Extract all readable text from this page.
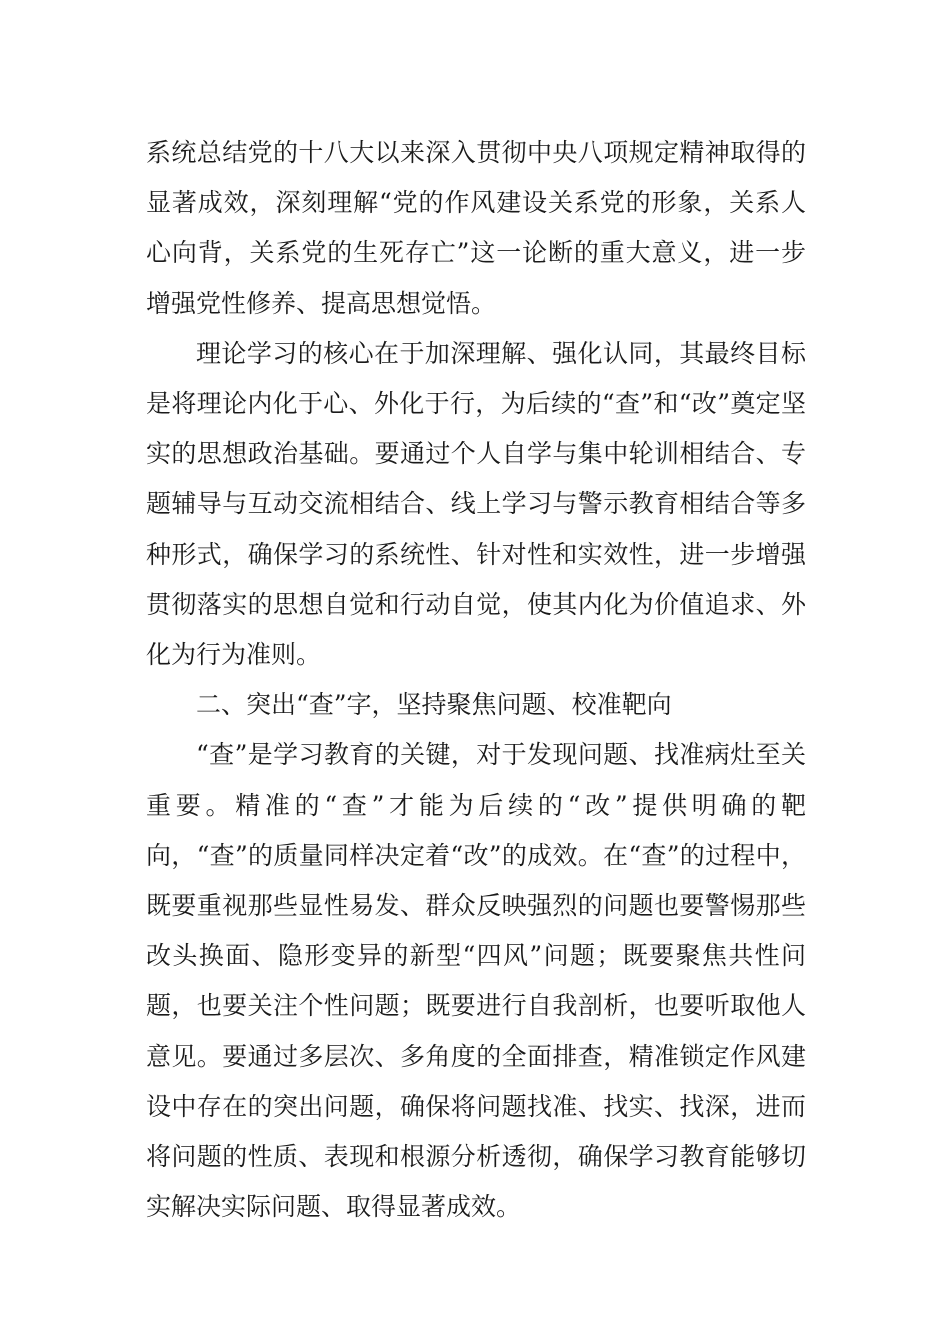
系统总结党的十八大以来深入贯彻中央八项规定精神取得的显著成效，深刻理解“党的作风建设关系党的形象，关系人心向背，关系党的生死存亡”这一论断的重大意义，进一步增强党性修养、提高思想觉悟。

理论学习的核心在于加深理解、强化认同，其最终目标是将理论内化于心、外化于行，为后续的“查”和“改”奠定坚实的思想政治基础。要通过个人自学与集中轮训相结合、专题辅导与互动交流相结合、线上学习与警示教育相结合等多种形式，确保学习的系统性、针对性和实效性，进一步增强贯彻落实的思想自觉和行动自觉，使其内化为价值追求、外化为行为准则。

二、突出“查”字，坚持聚焦问题、校准靶向

“查”是学习教育的关键，对于发现问题、找准病灶至关重要。精准的“查”才能为后续的“改”提供明确的靶向，“查”的质量同样决定着“改”的成效。在“查”的过程中，既要重视那些显性易发、群众反映强烈的问题也要警惕那些改头换面、隐形变异的新型“四风”问题；既要聚焦共性问题，也要关注个性问题；既要进行自我剖析，也要听取他人意见。要通过多层次、多角度的全面排查，精准锁定作风建设中存在的突出问题，确保将问题找准、找实、找深，进而将问题的性质、表现和根源分析透彻，确保学习教育能够切实解决实际问题、取得显著成效。
